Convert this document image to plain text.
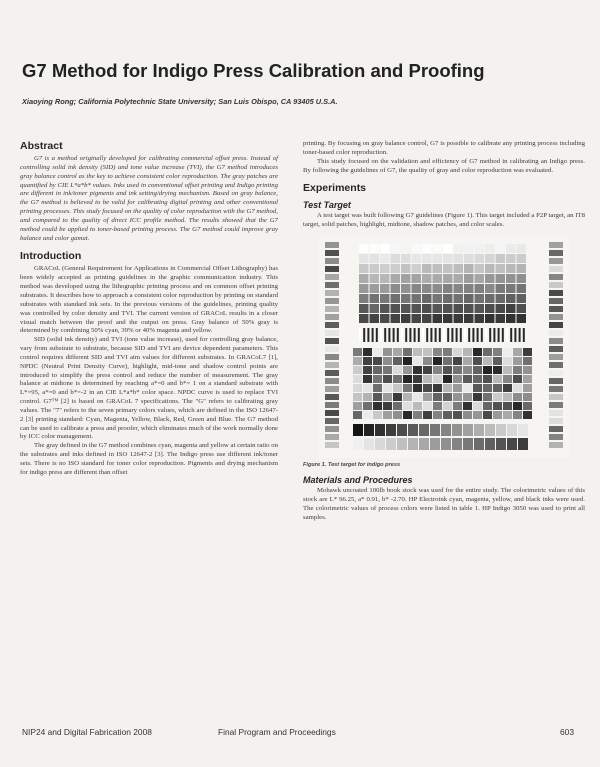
G7 Method for Indigo Press Calibration and Proofing
Xiaoying Rong; California Polytechnic State University; San Luis Obispo, CA 93405 U.S.A.
Abstract

G7 is a method originally developed for calibrating commercial offset press. Instead of controlling solid ink density (SID) and tone value increase (TVI), the G7 method introduces gray balance control as the key to achieve consistent color reproduction. The gray patches are quantified by CIE L*a*b* values. Inks used in conventional offset printing and Indigo printing are different in ink/toner pigments and ink setting/drying mechanism. Based on gray balance, the G7 method is believed to be valid for calibrating digital printing and other conventional printing processes. This study focused on the quality of color reproduction with the G7 method, and compared to the quality of direct ICC profile method. The results showed that the G7 method could be applied to toner-based printing process. The G7 method could improve gray balance and color gamut.

Introduction

GRACoL (General Requirement for Applications in Commercial Offset Lithography) has been widely accepted as printing guidelines in the graphic communication industry. This method was developed using the lithographic printing process and on common offset printing substrates. It describes how to approach a consistent color reproduction by printing on standard substrates with standard ink sets. In the previous versions of the guidelines, printing quality was controlled by color density and TVI. The current version of GRACoL results in a closer visual match between the proof and the output on press. Gray balance of 50% gray is determined by combining 50% cyan, 39% or 40% magenta and yellow.

SID (solid ink density) and TVI (tone value increase), used for controlling gray balance, vary from substrate to substrate, because SID and TVI are device dependent parameters. This control requires different SID and TVI aim values for different substrates. In GRACoL7 [1], NPDC (Neutral Print Density Curve), highlight, mid-tone and shadow control points are introduced to simplify the press control and reduce the number of measurement. The gray balance at midtone is determined by reaching a*=0 and b*= 1 on a standard substrate with L*=95, a*=0 and b*=-2 in an CIE L*a*b* color space. NPDC curve is used to replace TVI control. G7™ [2] is based on GRACoL 7 specifications. The "G" refers to calibrating gray values. The "7" refers to the seven primary colors values, which are defined in the ISO 12647-2 [3] printing standard: Cyan, Magenta, Yellow, Black, Red, Green and Blue. The G7 method can be used to calibrate a press and proofer, which eliminates much of the work normally done by ICC color management.

The gray defined in the G7 method combines cyan, magenta and yellow at certain ratio on the substrates and inks defined in ISO 12647-2 [3]. The Indigo press use different ink/toner sets. There is no ISO standard for toner color reproduction. Pigments and drying mechanism for indigo press are different than offset

printing. By focusing on gray balance control, G7 is possible to calibrate any printing process including toner-based color reproduction.

This study focused on the validation and efficiency of G7 method in calibrating an Indigo press. By following the guidelines of G7, the quality of gray and color reproduction was evaluated.

Experiments
Test Target

A test target was built following G7 guidelines (Figure 1). This target included a P2P target, an IT8 target, solid patches, highlight, midtone, shadow patches, and color scales.

Figure 1. Test target for indigo press
Materials and Procedures

Mohawk uncoated 100lb book stock was used for the entire study. The colorimetric values of this stock are L* 96.25, a* 0.91, b* -2.70. HP Electroink cyan, magenta, yellow, and black inks were used. The colorimetric values of process colors were listed in table 1. HP Indigo 3050 was used to print all samples.

NIP24 and Digital Fabrication 2008	Final Program and Proceedings	603
